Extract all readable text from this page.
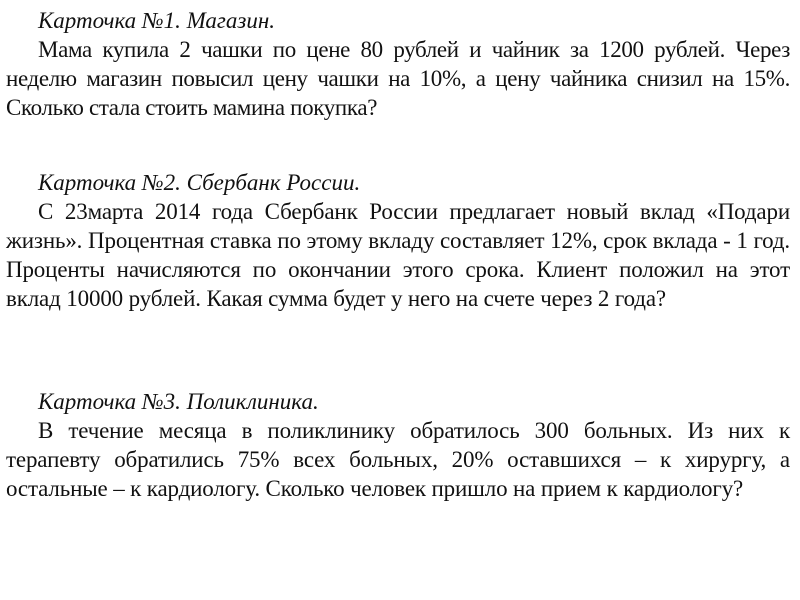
Карточка №1. Магазин.

Мама купила 2 чашки по цене 80 рублей и чайник за 1200 рублей. Через неделю магазин повысил цену чашки на 10%, а цену чайника снизил на 15%. Сколько стала стоить мамина покупка?

Карточка №2. Сбербанк России.

С 23марта 2014 года Сбербанк России предлагает новый вклад «Подари жизнь». Процентная ставка по этому вкладу составляет 12%, срок вклада - 1 год. Проценты начисляются по окончании этого срока. Клиент положил на этот вклад 10000 рублей. Какая сумма будет у него на счете через 2 года?

Карточка №3. Поликлиника.

В течение месяца в поликлинику обратилось 300 больных. Из них к терапевту обратились 75% всех больных, 20% оставшихся – к хирургу, а остальные – к кардиологу. Сколько человек пришло на прием к кардиологу?
